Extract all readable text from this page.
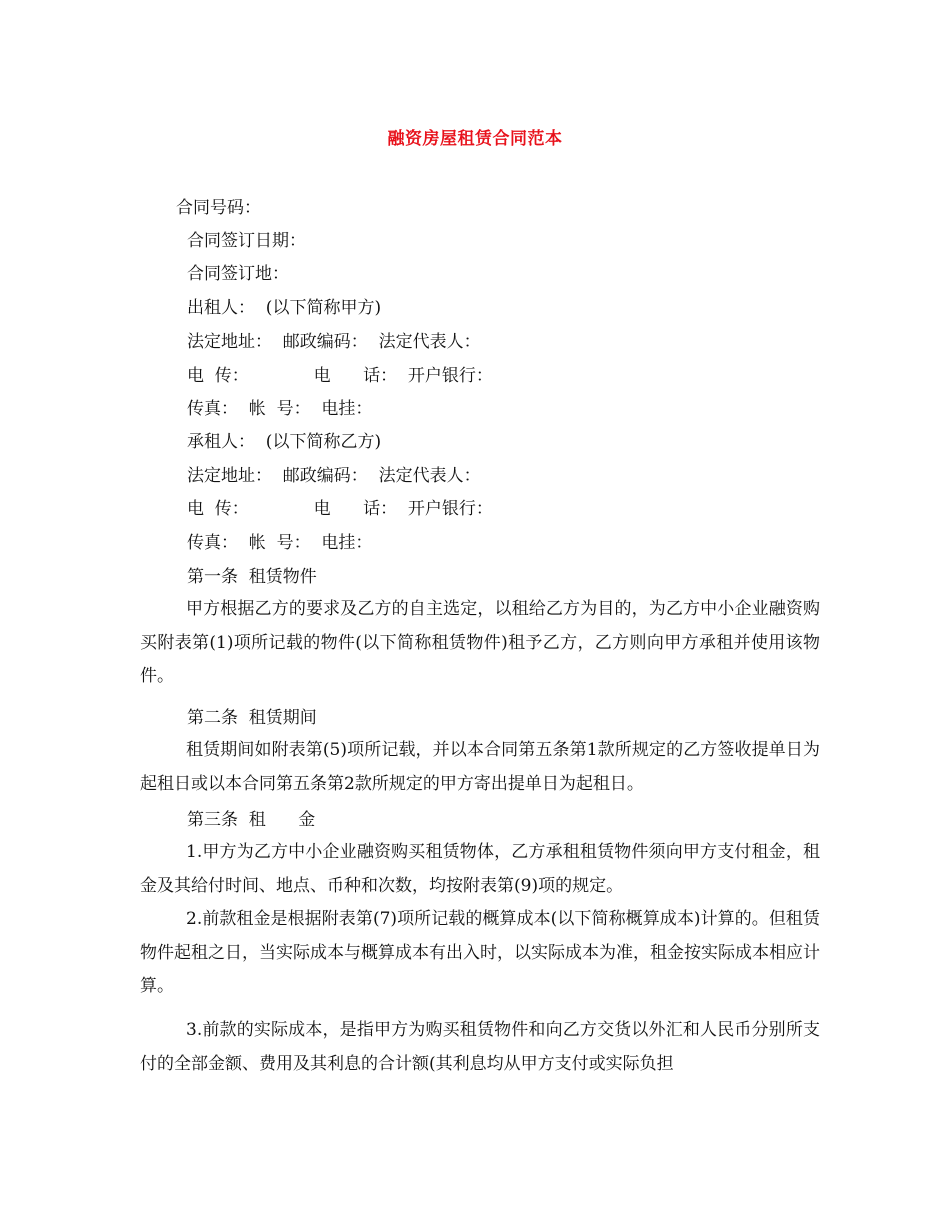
融资房屋租赁合同范本
合同号码：
合同签订日期：
合同签订地：
出租人：  (以下简称甲方)
法定地址：  邮政编码：  法定代表人：
电  传：            电      话：  开户银行：
传真：  帐  号：  电挂：
承租人：  (以下简称乙方)
法定地址：  邮政编码：  法定代表人：
电  传：            电      话：  开户银行：
传真：  帐  号：  电挂：
第一条  租赁物件
甲方根据乙方的要求及乙方的自主选定，以租给乙方为目的，为乙方中小企业融资购买附表第(1)项所记载的物件(以下简称租赁物件)租予乙方，乙方则向甲方承租并使用该物件。
第二条  租赁期间
租赁期间如附表第(5)项所记载，并以本合同第五条第1款所规定的乙方签收提单日为起租日或以本合同第五条第2款所规定的甲方寄出提单日为起租日。
第三条  租      金
1.甲方为乙方中小企业融资购买租赁物体，乙方承租租赁物件须向甲方支付租金，租金及其给付时间、地点、币种和次数，均按附表第(9)项的规定。
2.前款租金是根据附表第(7)项所记载的概算成本(以下简称概算成本)计算的。但租赁物件起租之日，当实际成本与概算成本有出入时，以实际成本为准，租金按实际成本相应计算。
3.前款的实际成本，是指甲方为购买租赁物件和向乙方交货以外汇和人民币分别所支付的全部金额、费用及其利息的合计额(其利息均从甲方支付或实际负担
